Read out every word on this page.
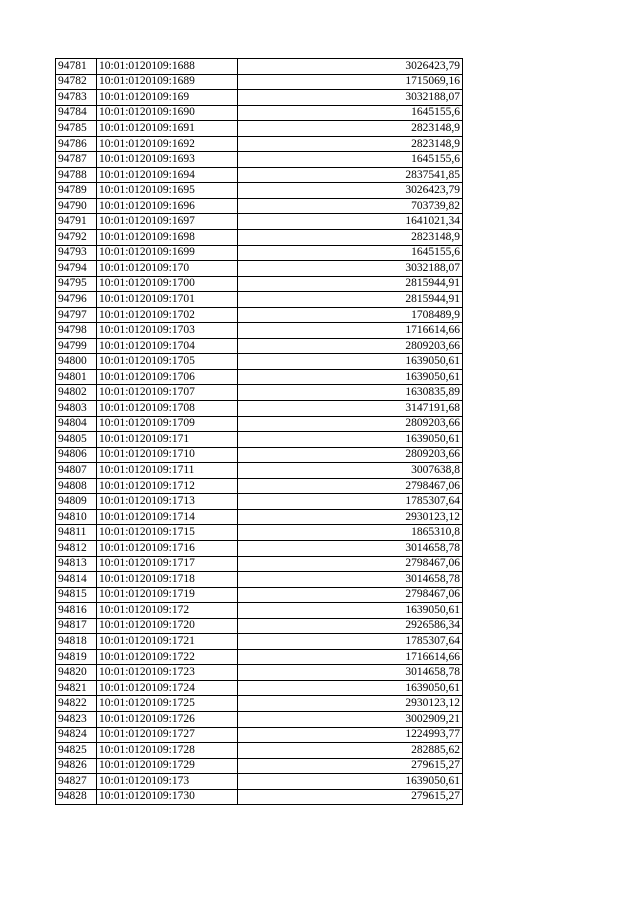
94781	10:01:0120109:1688	3026423,79
94782	10:01:0120109:1689	1715069,16
94783	10:01:0120109:169	3032188,07
94784	10:01:0120109:1690	1645155,6
94785	10:01:0120109:1691	2823148,9
94786	10:01:0120109:1692	2823148,9
94787	10:01:0120109:1693	1645155,6
94788	10:01:0120109:1694	2837541,85
94789	10:01:0120109:1695	3026423,79
94790	10:01:0120109:1696	703739,82
94791	10:01:0120109:1697	1641021,34
94792	10:01:0120109:1698	2823148,9
94793	10:01:0120109:1699	1645155,6
94794	10:01:0120109:170	3032188,07
94795	10:01:0120109:1700	2815944,91
94796	10:01:0120109:1701	2815944,91
94797	10:01:0120109:1702	1708489,9
94798	10:01:0120109:1703	1716614,66
94799	10:01:0120109:1704	2809203,66
94800	10:01:0120109:1705	1639050,61
94801	10:01:0120109:1706	1639050,61
94802	10:01:0120109:1707	1630835,89
94803	10:01:0120109:1708	3147191,68
94804	10:01:0120109:1709	2809203,66
94805	10:01:0120109:171	1639050,61
94806	10:01:0120109:1710	2809203,66
94807	10:01:0120109:1711	3007638,8
94808	10:01:0120109:1712	2798467,06
94809	10:01:0120109:1713	1785307,64
94810	10:01:0120109:1714	2930123,12
94811	10:01:0120109:1715	1865310,8
94812	10:01:0120109:1716	3014658,78
94813	10:01:0120109:1717	2798467,06
94814	10:01:0120109:1718	3014658,78
94815	10:01:0120109:1719	2798467,06
94816	10:01:0120109:172	1639050,61
94817	10:01:0120109:1720	2926586,34
94818	10:01:0120109:1721	1785307,64
94819	10:01:0120109:1722	1716614,66
94820	10:01:0120109:1723	3014658,78
94821	10:01:0120109:1724	1639050,61
94822	10:01:0120109:1725	2930123,12
94823	10:01:0120109:1726	3002909,21
94824	10:01:0120109:1727	1224993,77
94825	10:01:0120109:1728	282885,62
94826	10:01:0120109:1729	279615,27
94827	10:01:0120109:173	1639050,61
94828	10:01:0120109:1730	279615,27
